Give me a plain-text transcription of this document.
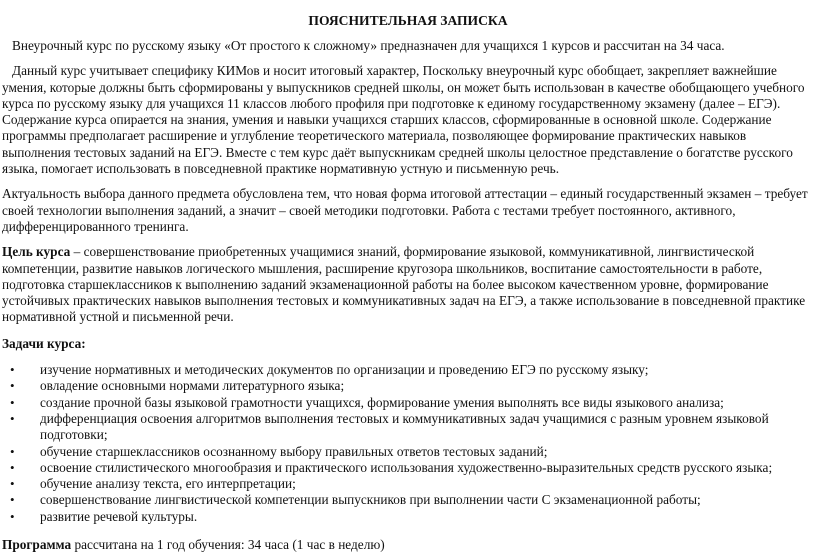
ПОЯСНИТЕЛЬНАЯ ЗАПИСКА

Внеурочный курс по русскому языку «От простого к сложному» предназначен для учащихся 1 курсов и рассчитан на 34 часа.

Данный курс учитывает специфику КИМов и носит итоговый характер, Поскольку внеурочный курс обобщает, закрепляет важнейшие умения, которые должны быть сформированы у выпускников средней школы, он может быть использован в качестве обобщающего учебного курса по русскому языку для учащихся 11 классов любого профиля при подготовке к единому государственному экзамену (далее – ЕГЭ). Содержание курса опирается на знания, умения и навыки учащихся старших классов, сформированные в основной школе. Содержание программы предполагает расширение и углубление теоретического материала, позволяющее формирование практических навыков выполнения тестовых заданий на ЕГЭ. Вместе с тем курс даёт выпускникам средней школы целостное представление о богатстве русского языка, помогает использовать в повседневной практике нормативную устную и письменную речь.

Актуальность выбора данного предмета обусловлена тем, что новая форма итоговой аттестации – единый государственный экзамен – требует своей технологии выполнения заданий, а значит – своей методики подготовки. Работа с тестами требует постоянного, активного, дифференцированного тренинга.

Цель курса – совершенствование приобретенных учащимися знаний, формирование языковой, коммуникативной, лингвистической компетенции, развитие навыков логического мышления, расширение кругозора школьников, воспитание самостоятельности в работе, подготовка старшеклассников к выполнению заданий экзаменационной работы на более высоком качественном уровне, формирование устойчивых практических навыков выполнения тестовых и коммуникативных задач на ЕГЭ, а также использование в повседневной практике нормативной устной и письменной речи.

Задачи курса:
• изучение нормативных и методических документов по организации и проведению ЕГЭ по русскому языку;
• овладение основными нормами литературного языка;
• создание прочной базы языковой грамотности учащихся, формирование умения выполнять все виды языкового анализа;
• дифференциация освоения алгоритмов выполнения тестовых и коммуникативных задач учащимися с разным уровнем языковой подготовки;
• обучение старшеклассников осознанному выбору правильных ответов тестовых заданий;
• освоение стилистического многообразия и практического использования художественно-выразительных средств русского языка;
• обучение анализу текста, его интерпретации;
• совершенствование лингвистической компетенции выпускников при выполнении части С экзаменационной работы;
• развитие речевой культуры.

Программа рассчитана на 1 год обучения: 34 часа (1 час в неделю)
